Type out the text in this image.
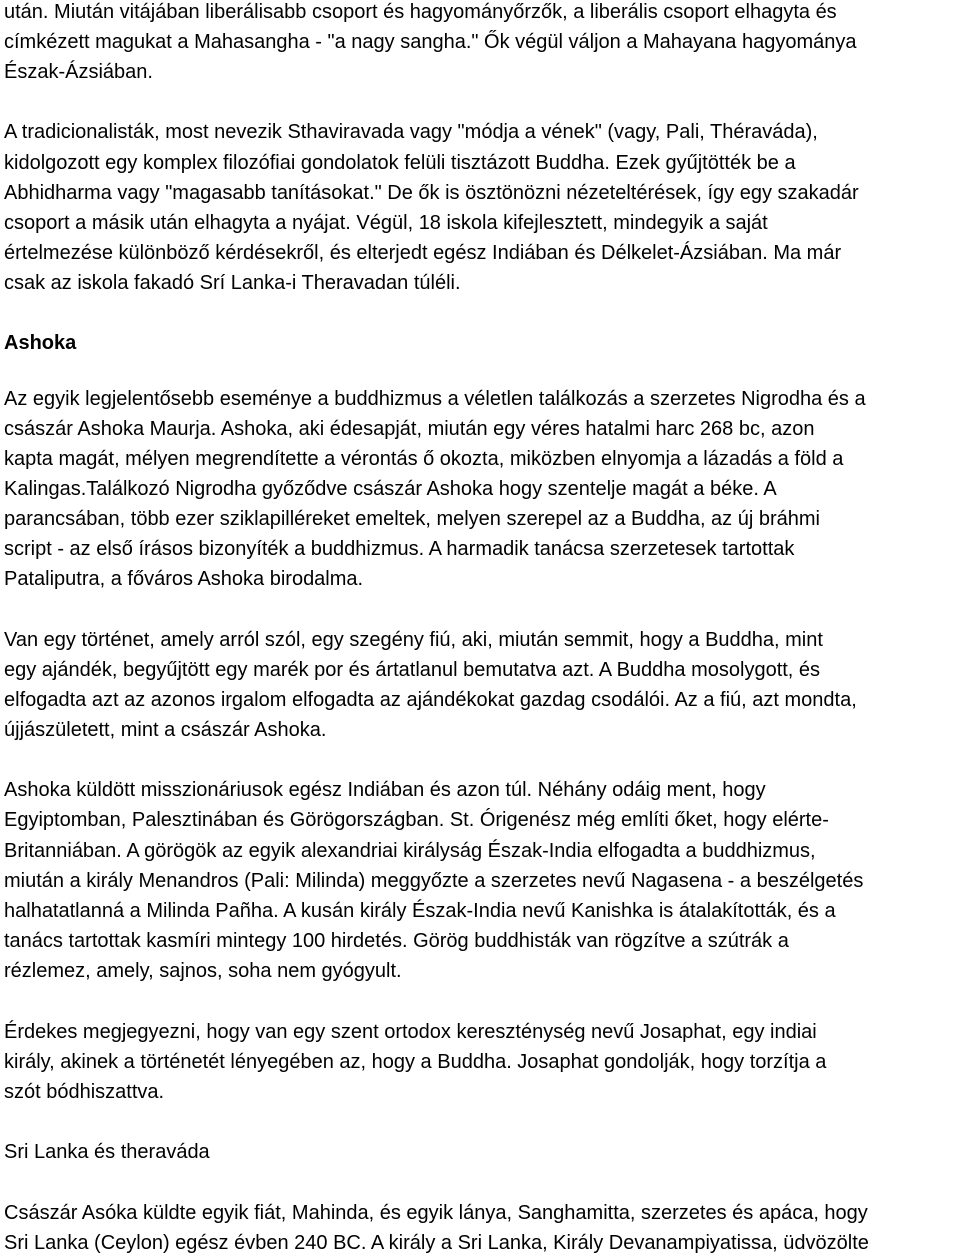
után. Miután vitájában liberálisabb csoport és hagyományőrzők, a liberális csoport elhagyta és
címkézett magukat a Mahasangha - "a nagy sangha." Ők végül váljon a Mahayana hagyománya
Észak-Ázsiában.
A tradicionalisták, most nevezik Sthaviravada vagy "módja a vének" (vagy, Pali, Théraváda),
kidolgozott egy komplex filozófiai gondolatok felüli tisztázott Buddha. Ezek gyűjtötték be a
Abhidharma vagy "magasabb tanításokat." De ők is ösztönözni nézeteltérések, így egy szakadár
csoport a másik után elhagyta a nyájat. Végül, 18 iskola kifejlesztett, mindegyik a saját
értelmezése különböző kérdésekről, és elterjedt egész Indiában és Délkelet-Ázsiában. Ma már
csak az iskola fakadó Srí Lanka-i Theravadan túléli.
Ashoka
Az egyik legjelentősebb eseménye a buddhizmus a véletlen találkozás a szerzetes Nigrodha és a
császár Ashoka Maurja. Ashoka, aki édesapját, miután egy véres hatalmi harc 268 bc, azon
kapta magát, mélyen megrendítette a vérontás ő okozta, miközben elnyomja a lázadás a föld a
Kalingas.Találkozó Nigrodha győződve császár Ashoka hogy szentelje magát a béke. A
parancsában, több ezer sziklapilléreket emeltek, melyen szerepel az a Buddha, az új bráhmi
script - az első írásos bizonyíték a buddhizmus. A harmadik tanácsa szerzetesek tartottak
Pataliputra, a főváros Ashoka birodalma.
Van egy történet, amely arról szól, egy szegény fiú, aki, miután semmit, hogy a Buddha, mint
egy ajándék, begyűjtött egy marék por és ártatlanul bemutatva azt. A Buddha mosolygott, és
elfogadta azt az azonos irgalom elfogadta az ajándékokat gazdag csodálói. Az a fiú, azt mondta,
újjászületett, mint a császár Ashoka.
Ashoka küldött misszionáriusok egész Indiában és azon túl. Néhány odáig ment, hogy
Egyiptomban, Palesztinában és Görögországban. St. Órigenész még említi őket, hogy elérte-
Britanniában. A görögök az egyik alexandriai királyság Észak-India elfogadta a buddhizmus,
miután a király Menandros (Pali: Milinda) meggyőzte a szerzetes nevű Nagasena - a beszélgetés
halhatatlanná a Milinda Pañha. A kusán király Észak-India nevű Kanishka is átalakították, és a
tanács tartottak kasmíri mintegy 100 hirdetés. Görög buddhisták van rögzítve a szútrák a
rézlemez, amely, sajnos, soha nem gyógyult.
Érdekes megjegyezni, hogy van egy szent ortodox kereszténység nevű Josaphat, egy indiai
király, akinek a történetét lényegében az, hogy a Buddha. Josaphat gondolják, hogy torzítja a
szót bódhiszattva.
Sri Lanka és theraváda
Császár Asóka küldte egyik fiát, Mahinda, és egyik lánya, Sanghamitta, szerzetes és apáca, hogy
Sri Lanka (Ceylon) egész évben 240 BC. A király a Sri Lanka, Király Devanampiyatissa, üdvözölte
